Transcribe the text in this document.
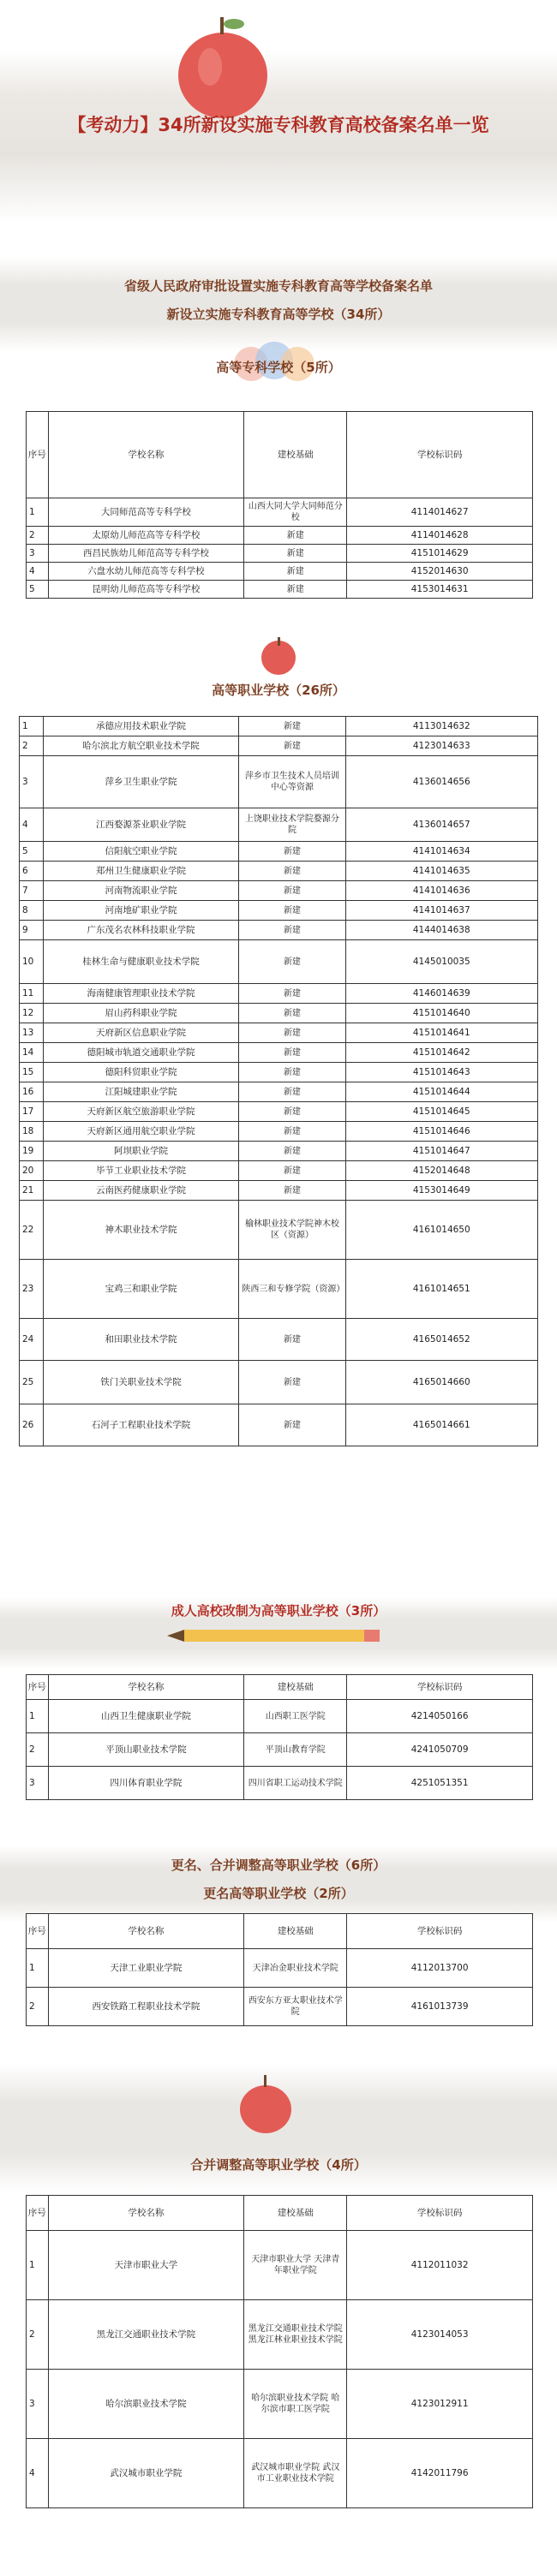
【考动力】34所新设实施专科教育高校备案名单一览
省级人民政府审批设置实施专科教育高等学校备案名单
新设立实施专科教育高等学校（34所）
高等专科学校（5所）
序号	学校名称	建校基础	学校标识码
1	大同师范高等专科学校	山西大同大学大同师范分校	4114014627
2	太原幼儿师范高等专科学校	新建	4114014628
3	西昌民族幼儿师范高等专科学校	新建	4151014629
4	六盘水幼儿师范高等专科学校	新建	4152014630
5	昆明幼儿师范高等专科学校	新建	4153014631
高等职业学校（26所）
1	承德应用技术职业学院	新建	4113014632
2	哈尔滨北方航空职业技术学院	新建	4123014633
3	萍乡卫生职业学院	萍乡市卫生技术人员培训中心等资源	4136014656
4	江西婺源茶业职业学院	上饶职业技术学院婺源分院	4136014657
5	信阳航空职业学院	新建	4141014634
6	郑州卫生健康职业学院	新建	4141014635
7	河南物流职业学院	新建	4141014636
8	河南地矿职业学院	新建	4141014637
9	广东茂名农林科技职业学院	新建	4144014638
10	桂林生命与健康职业技术学院	新建	4145010035
11	海南健康管理职业技术学院	新建	4146014639
12	眉山药科职业学院	新建	4151014640
13	天府新区信息职业学院	新建	4151014641
14	德阳城市轨道交通职业学院	新建	4151014642
15	德阳科贸职业学院	新建	4151014643
16	江阳城建职业学院	新建	4151014644
17	天府新区航空旅游职业学院	新建	4151014645
18	天府新区通用航空职业学院	新建	4151014646
19	阿坝职业学院	新建	4151014647
20	毕节工业职业技术学院	新建	4152014648
21	云南医药健康职业学院	新建	4153014649
22	神木职业技术学院	榆林职业技术学院神木校区（资源）	4161014650
23	宝鸡三和职业学院	陕西三和专修学院（资源）	4161014651
24	和田职业技术学院	新建	4165014652
25	铁门关职业技术学院	新建	4165014660
26	石河子工程职业技术学院	新建	4165014661
成人高校改制为高等职业学校（3所）
序号	学校名称	建校基础	学校标识码
1	山西卫生健康职业学院	山西职工医学院	4214050166
2	平顶山职业技术学院	平顶山教育学院	4241050709
3	四川体育职业学院	四川省职工运动技术学院	4251051351
更名、合并调整高等职业学校（6所）
更名高等职业学校（2所）
序号	学校名称	建校基础	学校标识码
1	天津工业职业学院	天津冶金职业技术学院	4112013700
2	西安铁路工程职业技术学院	西安东方亚太职业技术学院	4161013739
合并调整高等职业学校（4所）
序号	学校名称	建校基础	学校标识码
1	天津市职业大学	天津市职业大学 天津青年职业学院	4112011032
2	黑龙江交通职业技术学院	黑龙江交通职业技术学院 黑龙江林业职业技术学院	4123014053
3	哈尔滨职业技术学院	哈尔滨职业技术学院 哈尔滨市职工医学院	4123012911
4	武汉城市职业学院	武汉城市职业学院 武汉市工业职业技术学院	4142011796
